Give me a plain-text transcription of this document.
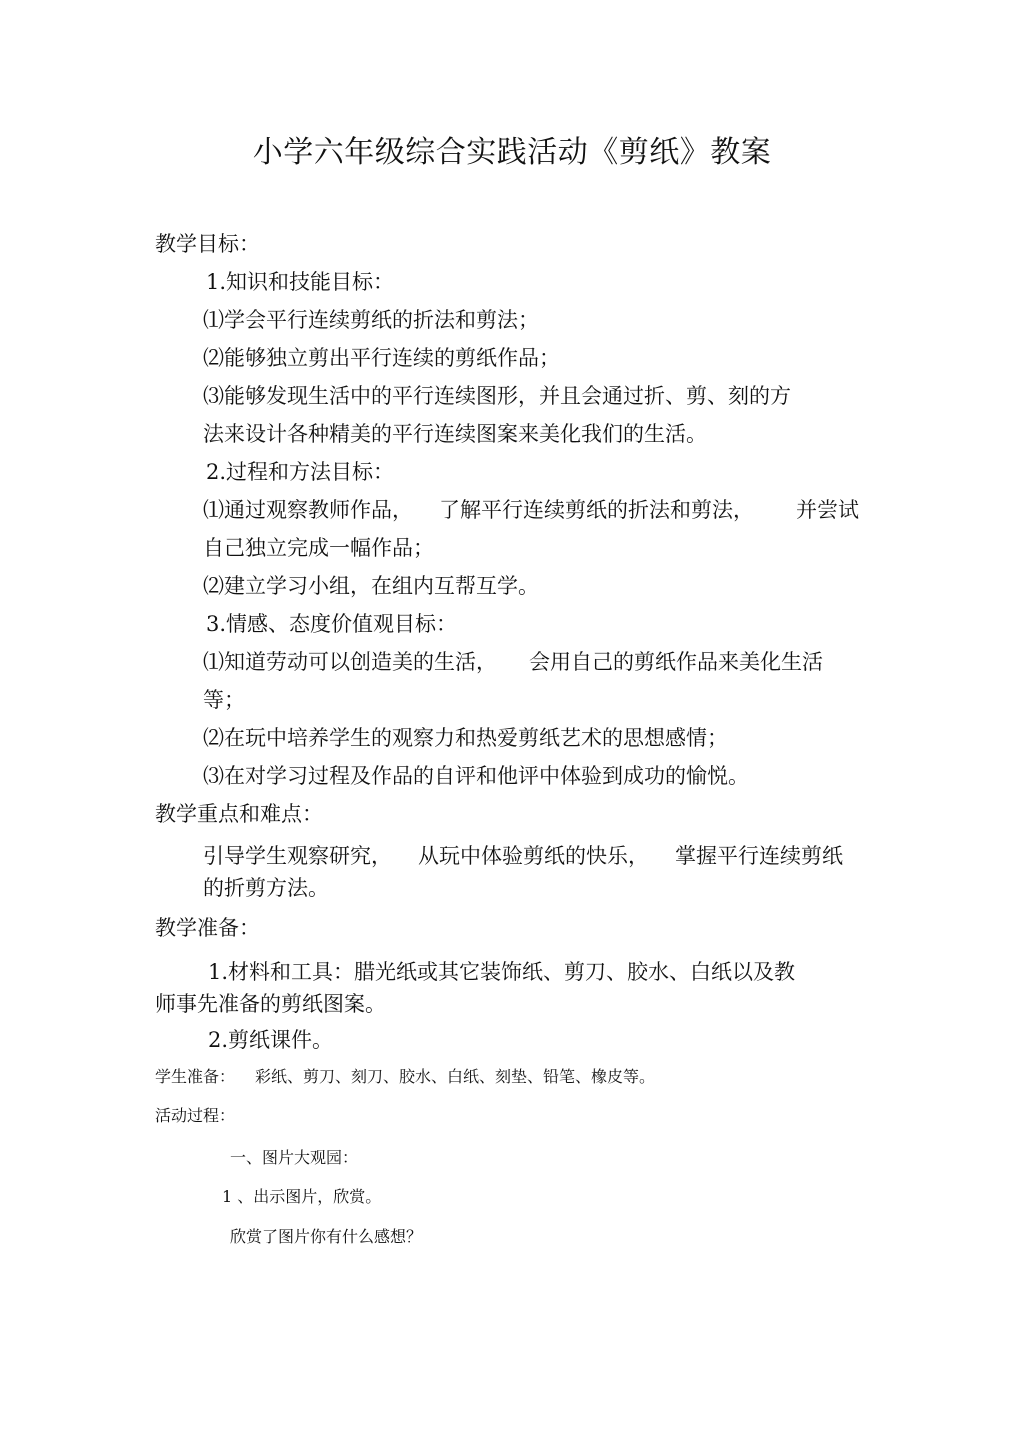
小学六年级综合实践活动《剪纸》教案
教学目标：
1.知识和技能目标：
⑴学会平行连续剪纸的折法和剪法；
⑵能够独立剪出平行连续的剪纸作品；
⑶能够发现生活中的平行连续图形，并且会通过折、剪、刻的方
法来设计各种精美的平行连续图案来美化我们的生活。
2.过程和方法目标：
⑴通过观察教师作品， 了解平行连续剪纸的折法和剪法， 并尝试
自己独立完成一幅作品；
⑵建立学习小组，在组内互帮互学。
3.情感、态度价值观目标：
⑴知道劳动可以创造美的生活， 会用自己的剪纸作品来美化生活
等；
⑵在玩中培养学生的观察力和热爱剪纸艺术的思想感情；
⑶在对学习过程及作品的自评和他评中体验到成功的愉悦。
教学重点和难点：
引导学生观察研究， 从玩中体验剪纸的快乐， 掌握平行连续剪纸
的折剪方法。
教学准备：
1.材料和工具：腊光纸或其它装饰纸、剪刀、胶水、白纸以及教
师事先准备的剪纸图案。
2.剪纸课件。
学生准备： 彩纸、剪刀、刻刀、胶水、白纸、刻垫、铅笔、橡皮等。
活动过程：
一、图片大观园：
1 、出示图片，欣赏。
欣赏了图片你有什么感想？
